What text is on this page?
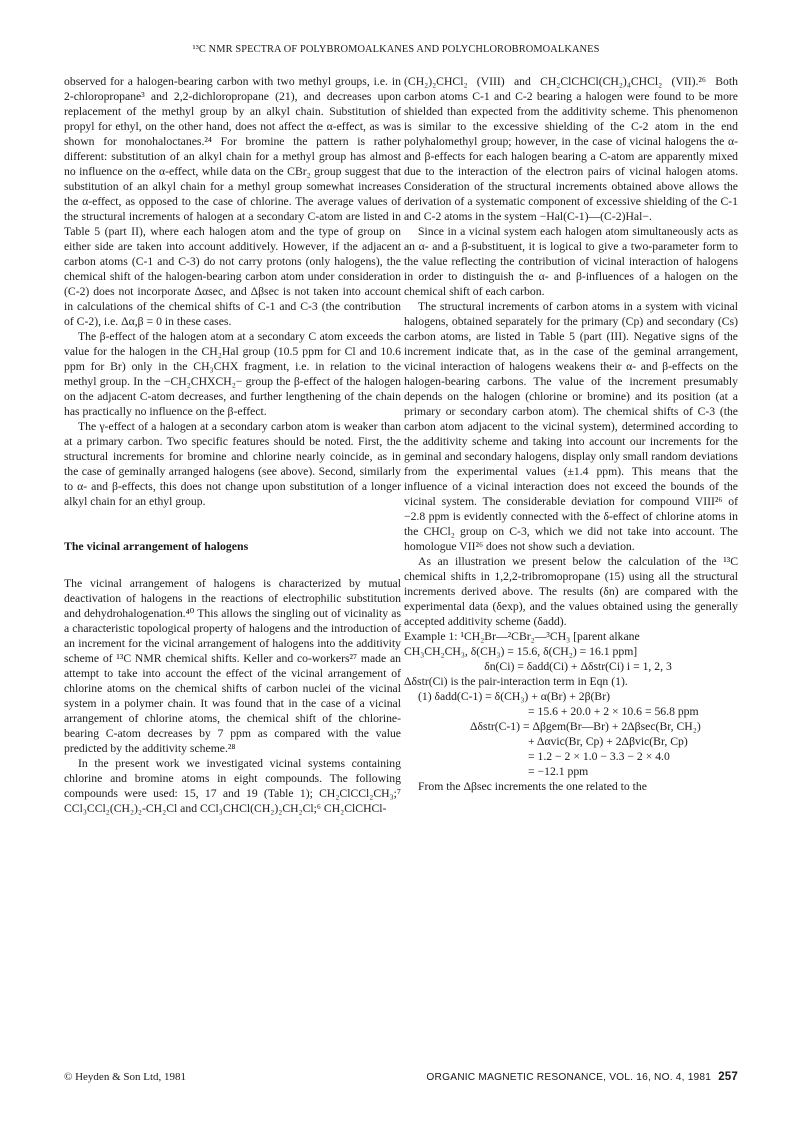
¹³C NMR SPECTRA OF POLYBROMOALKANES AND POLYCHLOROBROMOALKANES

observed for a halogen-bearing carbon with two methyl groups, i.e. in 2-chloropropane³ and 2,2-dichloropropane (21), and decreases upon replacement of the methyl group by an alkyl chain. Substitution of propyl for ethyl, on the other hand, does not affect the α-effect, as was shown for monohaloctanes.²⁴ For bromine the pattern is rather different: substitution of an alkyl chain for a methyl group has almost no influence on the α-effect, while data on the CBr₂ group suggest that substitution of an alkyl chain for a methyl group somewhat increases the α-effect, as opposed to the case of chlorine. The average values of the structural increments of halogen at a secondary C-atom are listed in Table 5 (part II), where each halogen atom and the type of group on either side are taken into account additively. However, if the adjacent carbon atoms (C-1 and C-3) do not carry protons (only halogens), the chemical shift of the halogen-bearing carbon atom under consideration (C-2) does not incorporate Δαsec, and Δβsec is not taken into account in calculations of the chemical shifts of C-1 and C-3 (the contribution of C-2), i.e. Δα,β = 0 in these cases.

The β-effect of the halogen atom at a secondary C atom exceeds the value for the halogen in the CH₂Hal group (10.5 ppm for Cl and 10.6 ppm for Br) only in the CH₃CHX fragment, i.e. in relation to the methyl group. In the −CH₂CHXCH₂− group the β-effect of the halogen on the adjacent C-atom decreases, and further lengthening of the chain has practically no influence on the β-effect.

The γ-effect of a halogen at a secondary carbon atom is weaker than at a primary carbon. Two specific features should be noted. First, the structural increments for bromine and chlorine nearly coincide, as in the case of geminally arranged halogens (see above). Second, similarly to α- and β-effects, this does not change upon substitution of a longer alkyl chain for an ethyl group.

The vicinal arrangement of halogens

The vicinal arrangement of halogens is characterized by mutual deactivation of halogens in the reactions of electrophilic substitution and dehydrohalogenation.⁴⁰ This allows the singling out of vicinality as a characteristic topological property of halogens and the introduction of an increment for the vicinal arrangement of halogens into the additivity scheme of ¹³C NMR chemical shifts. Keller and co-workers²⁷ made an attempt to take into account the effect of the vicinal arrangement of chlorine atoms on the chemical shifts of carbon nuclei of the vicinal system in a polymer chain. It was found that in the case of a vicinal arrangement of chlorine atoms, the chemical shift of the chlorine-bearing C-atom decreases by 7 ppm as compared with the value predicted by the additivity scheme.²⁸

In the present work we investigated vicinal systems containing chlorine and bromine atoms in eight compounds. The following compounds were used: 15, 17 and 19 (Table 1); CH₂ClCCl₂CH₃;⁷ CCl₃CCl₂(CH₂)₂-CH₂Cl and CCl₃CHCl(CH₂)₂CH₂Cl;⁶ CH₂ClCHCl-

(CH₂)₂CHCl₂ (VIII) and CH₂ClCHCl(CH₂)₄CHCl₂ (VII).²⁶ Both carbon atoms C-1 and C-2 bearing a halogen were found to be more shielded than expected from the additivity scheme. This phenomenon is similar to the excessive shielding of the C-2 atom in the end polyhalomethyl group; however, in the case of vicinal halogens the α- and β-effects for each halogen bearing a C-atom are apparently mixed due to the interaction of the electron pairs of vicinal halogen atoms. Consideration of the structural increments obtained above allows the derivation of a systematic component of excessive shielding of the C-1 and C-2 atoms in the system −Hal(C-1)—(C-2)Hal−.

Since in a vicinal system each halogen atom simultaneously acts as an α- and a β-substituent, it is logical to give a two-parameter form to the value reflecting the contribution of vicinal interaction of halogens in order to distinguish the α- and β-influences of a halogen on the chemical shift of each carbon.

The structural increments of carbon atoms in a system with vicinal halogens, obtained separately for the primary (Cp) and secondary (Cs) carbon atoms, are listed in Table 5 (part (III). Negative signs of the increment indicate that, as in the case of the geminal arrangement, vicinal interaction of halogens weakens their α- and β-effects on the halogen-bearing carbons. The value of the increment presumably depends on the halogen (chlorine or bromine) and its position (at a primary or secondary carbon atom). The chemical shifts of C-3 (the carbon atom adjacent to the vicinal system), determined according to the additivity scheme and taking into account our increments for the geminal and secondary halogens, display only small random deviations from the experimental values (±1.4 ppm). This means that the influence of a vicinal interaction does not exceed the bounds of the vicinal system. The considerable deviation for compound VIII²⁶ of −2.8 ppm is evidently connected with the δ-effect of chlorine atoms in the CHCl₂ group on C-3, which we did not take into account. The homologue VII²⁶ does not show such a deviation.

As an illustration we present below the calculation of the ¹³C chemical shifts in 1,2,2-tribromopropane (15) using all the structural increments derived above. The results (δn) are compared with the experimental data (δexp), and the values obtained using the generally accepted additivity scheme (δadd).

Example 1: ¹CH₂Br—²CBr₂—³CH₃ [parent alkane

CH₃CH₂CH₃, δ(CH₃) = 15.6, δ(CH₂) = 16.1 ppm]

δn(Ci) = δadd(Ci) + Δδstr(Ci) i = 1, 2, 3

Δδstr(Ci) is the pair-interaction term in Eqn (1).

(1) δadd(C-1) = δ(CH₃) + α(Br) + 2β(Br)

= 15.6 + 20.0 + 2 × 10.6 = 56.8 ppm

Δδstr(C-1) = Δβgem(Br—Br) + 2Δβsec(Br, CH₂)

+ Δαvic(Br, Cp) + 2Δβvic(Br, Cp)

= 1.2 − 2 × 1.0 − 3.3 − 2 × 4.0

= −12.1 ppm

From the Δβsec increments the one related to the

© Heyden & Son Ltd, 1981	ORGANIC MAGNETIC RESONANCE, VOL. 16, NO. 4, 1981 257
